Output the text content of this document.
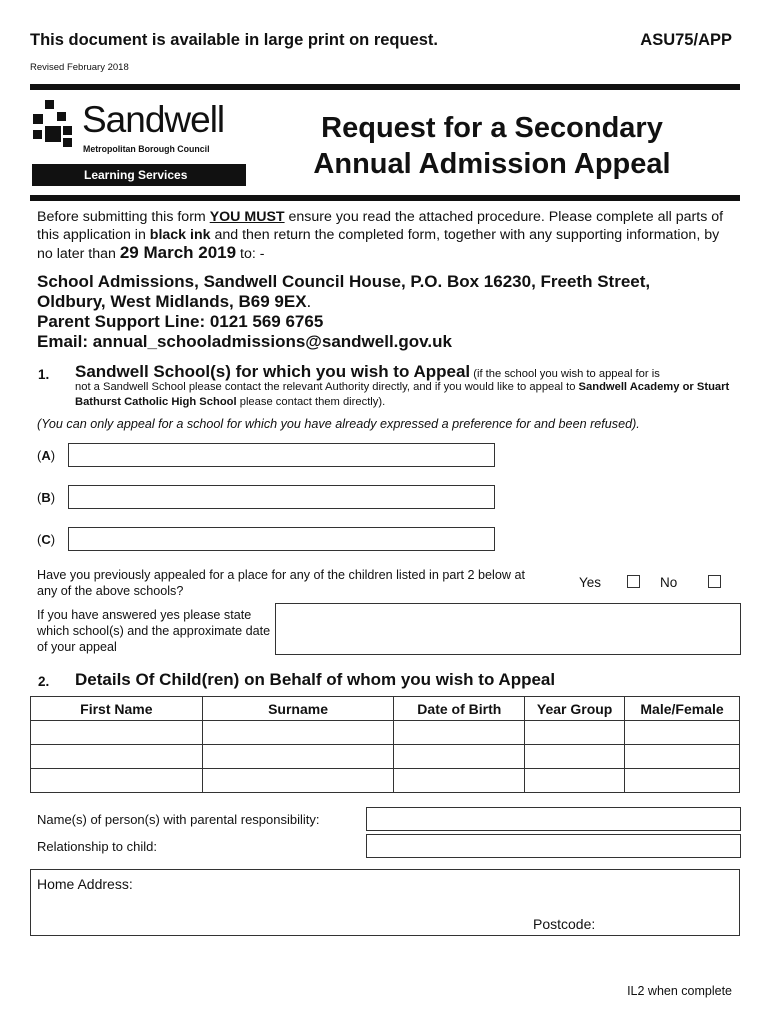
This document is available in large print on request.	ASU75/APP
Revised February 2018
Sandwell
Metropolitan Borough Council
Learning Services
Request for a Secondary
Annual Admission Appeal
Before submitting this form YOU MUST ensure you read the attached procedure. Please complete all parts of this application in black ink and then return the completed form, together with any supporting information, by no later than 29 March 2019 to: -
School Admissions, Sandwell Council House, P.O. Box 16230, Freeth Street,
Oldbury, West Midlands, B69 9EX.
Parent Support Line: 0121 569 6765
Email: annual_schooladmissions@sandwell.gov.uk
1. Sandwell School(s) for which you wish to Appeal (if the school you wish to appeal for is
not a Sandwell School please contact the relevant Authority directly, and if you would like to appeal to Sandwell Academy or Stuart Bathurst Catholic High School please contact them directly).
(You can only appeal for a school for which you have already expressed a preference for and been refused).
(A)
(B)
(C)
Have you previously appealed for a place for any of the children listed in part 2 below at any of the above schools?
Yes	No
If you have answered yes please state which school(s) and the approximate date of your appeal
2. Details Of Child(ren) on Behalf of whom you wish to Appeal
First Name	Surname	Date of Birth	Year Group	Male/Female

Name(s) of person(s) with parental responsibility:
Relationship to child:
Home Address:
Postcode:
IL2 when complete
